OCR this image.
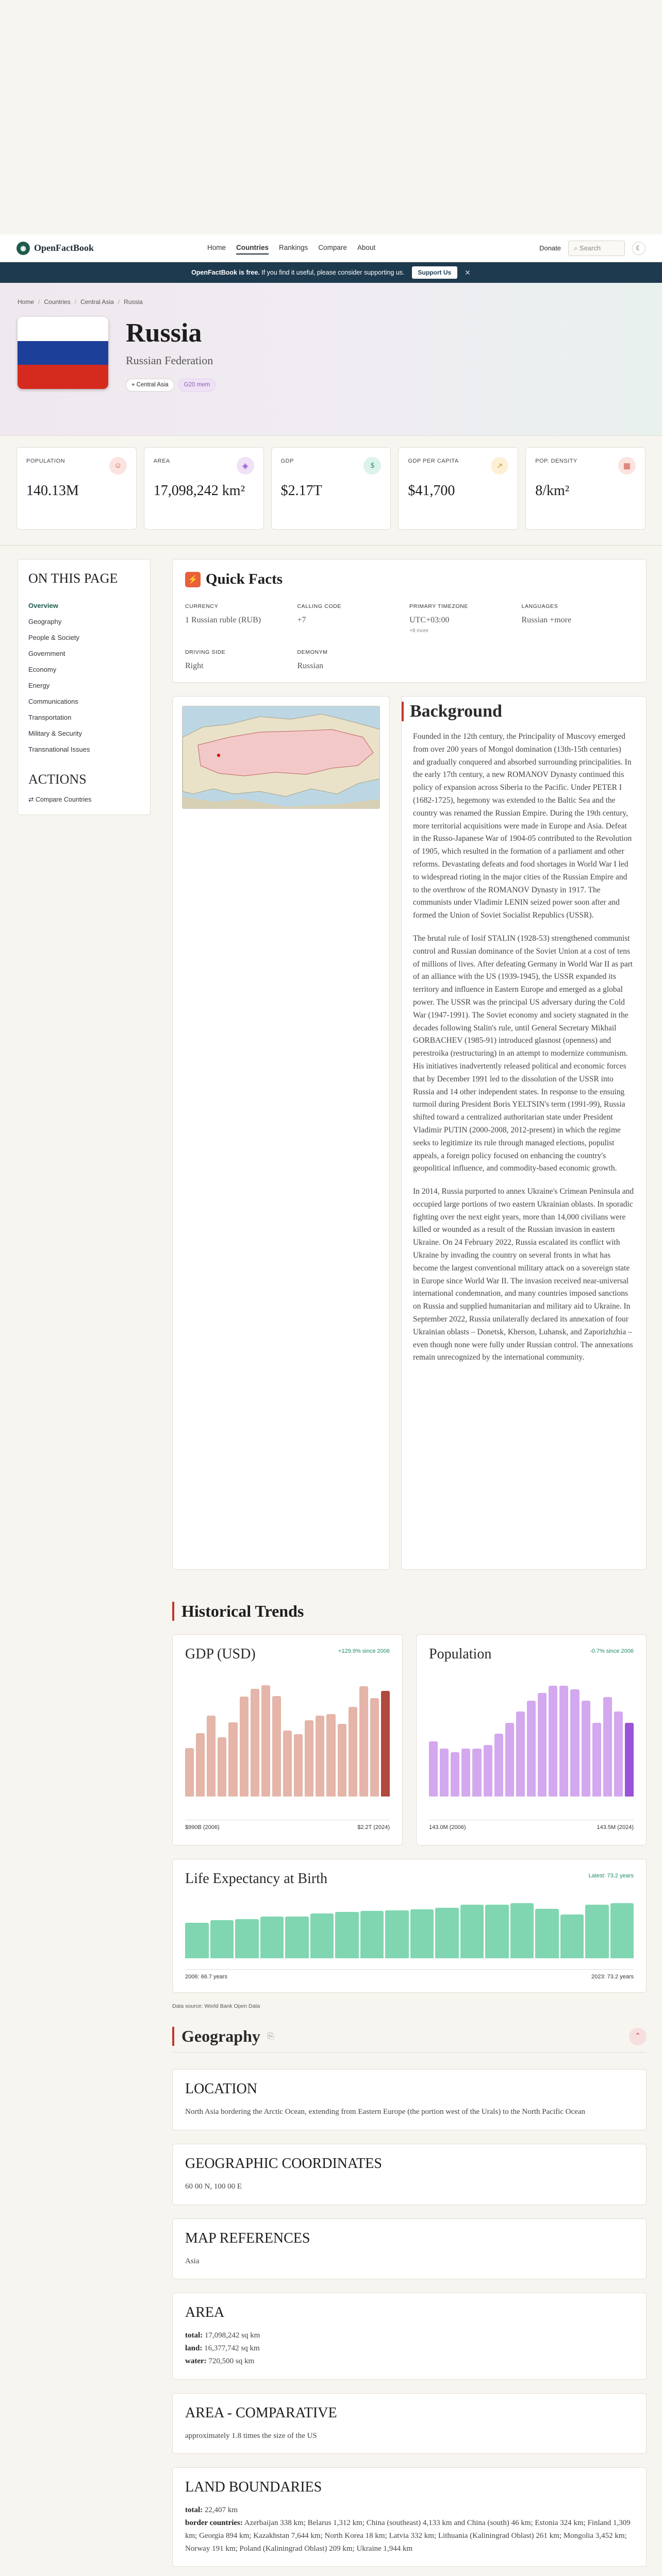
◉ OpenFactBook	Home Countries Rankings Compare About	Donate	⌕ Search	☾
OpenFactBook is free. If you find it useful, please consider supporting us.	Support Us	✕
Home / Countries / Central Asia / Russia
Russia
Russian Federation
⌖ Central Asia	G20 mem
POPULATION
☺
140.13M
AREA
◈
17,098,242 km²
GDP
$
$2.17T
GDP PER CAPITA
↗
$41,700
POP. DENSITY
▦
8/km²
ON THIS PAGE
Overview
Geography
People & Society
Government
Economy
Energy
Communications
Transportation
Military & Security
Transnational Issues
ACTIONS
⇄ Compare Countries
⚡ Quick Facts
CURRENCY
1 Russian ruble (RUB)
CALLING CODE
+7
PRIMARY TIMEZONE
UTC+03:00
+8 more
LANGUAGES
Russian +more
DRIVING SIDE
Right
DEMONYM
Russian
Background

Founded in the 12th century, the Principality of Muscovy emerged from over 200 years of Mongol domination (13th-15th centuries) and gradually conquered and absorbed surrounding principalities. In the early 17th century, a new ROMANOV Dynasty continued this policy of expansion across Siberia to the Pacific. Under PETER I (1682-1725), hegemony was extended to the Baltic Sea and the country was renamed the Russian Empire. During the 19th century, more territorial acquisitions were made in Europe and Asia. Defeat in the Russo-Japanese War of 1904-05 contributed to the Revolution of 1905, which resulted in the formation of a parliament and other reforms. Devastating defeats and food shortages in World War I led to widespread rioting in the major cities of the Russian Empire and to the overthrow of the ROMANOV Dynasty in 1917. The communists under Vladimir LENIN seized power soon after and formed the Union of Soviet Socialist Republics (USSR).

The brutal rule of Iosif STALIN (1928-53) strengthened communist control and Russian dominance of the Soviet Union at a cost of tens of millions of lives. After defeating Germany in World War II as part of an alliance with the US (1939-1945), the USSR expanded its territory and influence in Eastern Europe and emerged as a global power. The USSR was the principal US adversary during the Cold War (1947-1991). The Soviet economy and society stagnated in the decades following Stalin's rule, until General Secretary Mikhail GORBACHEV (1985-91) introduced glasnost (openness) and perestroika (restructuring) in an attempt to modernize communism. His initiatives inadvertently released political and economic forces that by December 1991 led to the dissolution of the USSR into Russia and 14 other independent states. In response to the ensuing turmoil during President Boris YELTSIN's term (1991-99), Russia shifted toward a centralized authoritarian state under President Vladimir PUTIN (2000-2008, 2012-present) in which the regime seeks to legitimize its rule through managed elections, populist appeals, a foreign policy focused on enhancing the country's geopolitical influence, and commodity-based economic growth.

In 2014, Russia purported to annex Ukraine's Crimean Peninsula and occupied large portions of two eastern Ukrainian oblasts. In sporadic fighting over the next eight years, more than 14,000 civilians were killed or wounded as a result of the Russian invasion in eastern Ukraine. On 24 February 2022, Russia escalated its conflict with Ukraine by invading the country on several fronts in what has become the largest conventional military attack on a sovereign state in Europe since World War II. The invasion received near-universal international condemnation, and many countries imposed sanctions on Russia and supplied humanitarian and military aid to Ukraine. In September 2022, Russia unilaterally declared its annexation of four Ukrainian oblasts – Donetsk, Kherson, Luhansk, and Zaporizhzhia – even though none were fully under Russian control. The annexations remain unrecognized by the international community.

Historical Trends
GDP (USD)	+129.9% since 2006
$990B (2006)	$2.2T (2024)
Population	-0.7% since 2006
143.0M (2006)	143.5M (2024)
Life Expectancy at Birth	Latest: 73.2 years
2006: 66.7 years	2023: 73.2 years
Data source: World Bank Open Data
Geography ⎘	⌃
LOCATION

North Asia bordering the Arctic Ocean, extending from Eastern Europe (the portion west of the Urals) to the North Pacific Ocean

GEOGRAPHIC COORDINATES

60 00 N, 100 00 E

MAP REFERENCES

Asia

AREA

total: 17,098,242 sq km

land: 16,377,742 sq km

water: 720,500 sq km

AREA - COMPARATIVE

approximately 1.8 times the size of the US

LAND BOUNDARIES

total: 22,407 km

border countries: Azerbaijan 338 km; Belarus 1,312 km; China (southeast) 4,133 km and China (south) 46 km; Estonia 324 km; Finland 1,309 km; Georgia 894 km; Kazakhstan 7,644 km; North Korea 18 km; Latvia 332 km; Lithuania (Kaliningrad Oblast) 261 km; Mongolia 3,452 km; Norway 191 km; Poland (Kaliningrad Oblast) 209 km; Ukraine 1,944 km
